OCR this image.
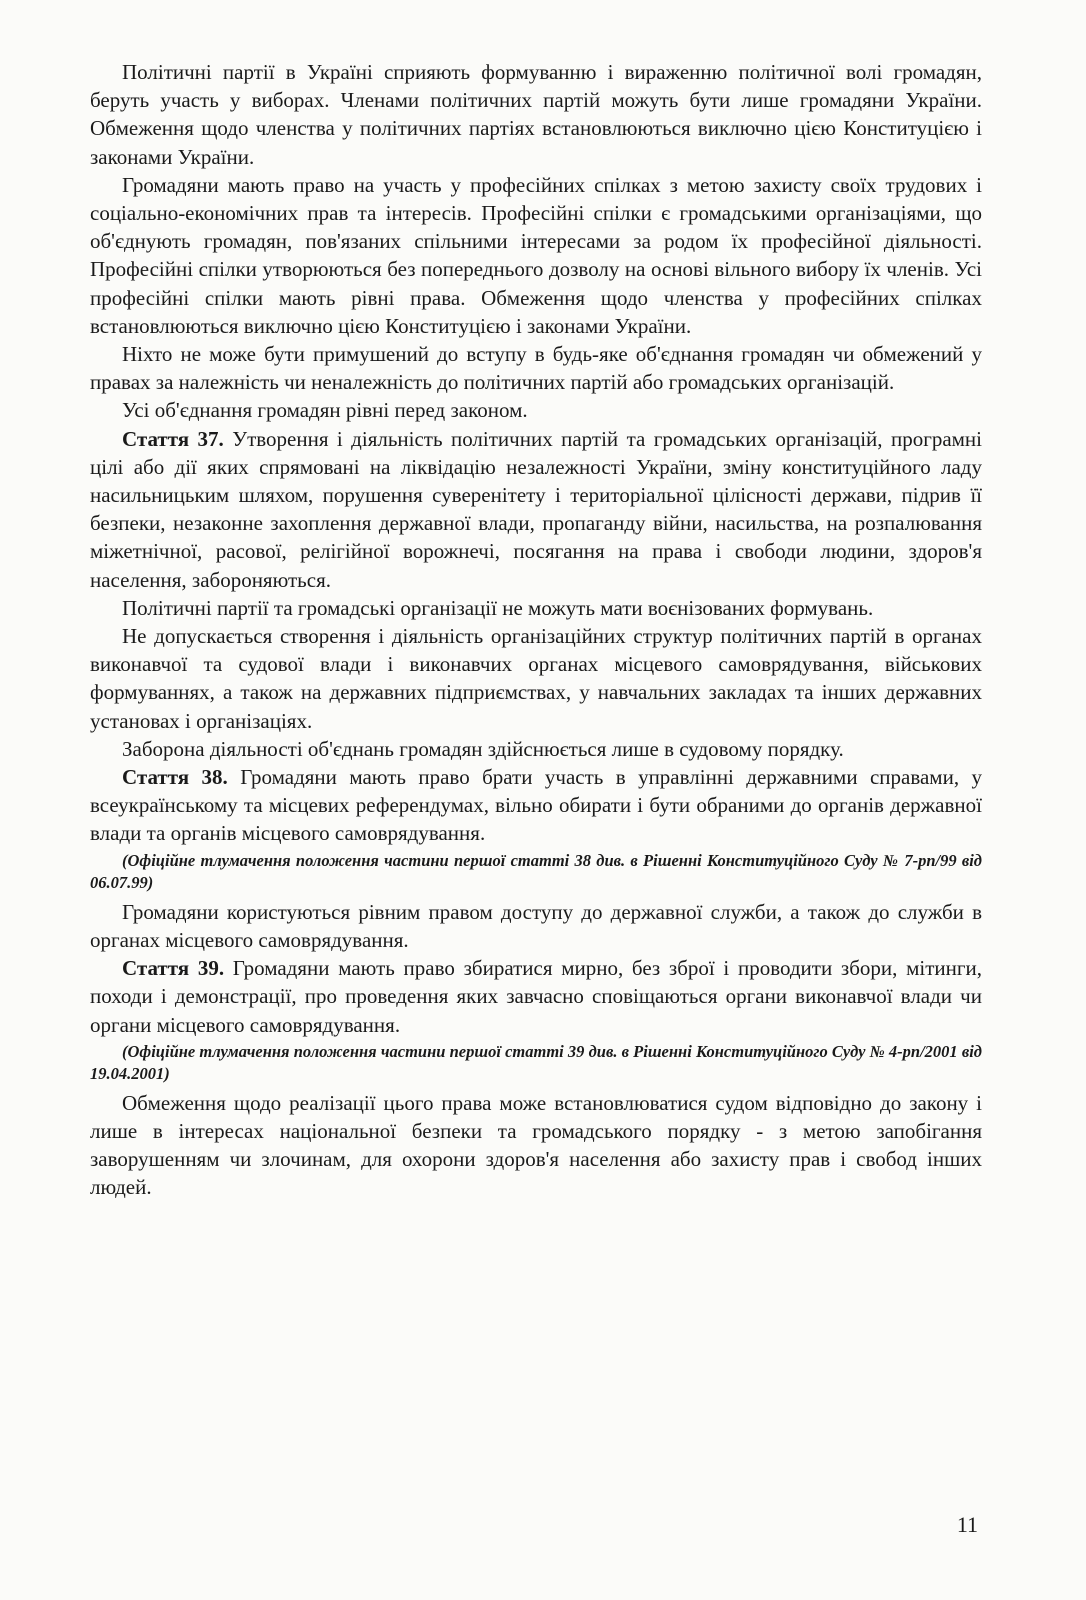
Політичні партії в Україні сприяють формуванню і вираженню політичної волі громадян, беруть участь у виборах. Членами політичних партій можуть бути лише громадяни України. Обмеження щодо членства у політичних партіях встановлюються виключно цією Конституцією і законами України.

Громадяни мають право на участь у професійних спілках з метою захисту своїх трудових і соціально-економічних прав та інтересів. Професійні спілки є громадськими організаціями, що об'єднують громадян, пов'язаних спільними інтересами за родом їх професійної діяльності. Професійні спілки утворюються без попереднього дозволу на основі вільного вибору їх членів. Усі професійні спілки мають рівні права. Обмеження щодо членства у професійних спілках встановлюються виключно цією Конституцією і законами України.

Ніхто не може бути примушений до вступу в будь-яке об'єднання громадян чи обмежений у правах за належність чи неналежність до політичних партій або громадських організацій.

Усі об'єднання громадян рівні перед законом.

Стаття 37. Утворення і діяльність політичних партій та громадських організацій, програмні цілі або дії яких спрямовані на ліквідацію незалежності України, зміну конституційного ладу насильницьким шляхом, порушення суверенітету і територіальної цілісності держави, підрив її безпеки, незаконне захоплення державної влади, пропаганду війни, насильства, на розпалювання міжетнічної, расової, релігійної ворожнечі, посягання на права і свободи людини, здоров'я населення, забороняються.

Політичні партії та громадські організації не можуть мати воєнізованих формувань.

Не допускається створення і діяльність організаційних структур політичних партій в органах виконавчої та судової влади і виконавчих органах місцевого самоврядування, військових формуваннях, а також на державних підприємствах, у навчальних закладах та інших державних установах і організаціях.

Заборона діяльності об'єднань громадян здійснюється лише в судовому порядку.

Стаття 38. Громадяни мають право брати участь в управлінні державними справами, у всеукраїнському та місцевих референдумах, вільно обирати і бути обраними до органів державної влади та органів місцевого самоврядування.

(Офіційне тлумачення положення частини першої статті 38 див. в Рішенні Конституційного Суду № 7-рп/99 від 06.07.99)

Громадяни користуються рівним правом доступу до державної служби, а також до служби в органах місцевого самоврядування.

Стаття 39. Громадяни мають право збиратися мирно, без зброї і проводити збори, мітинги, походи і демонстрації, про проведення яких завчасно сповіщаються органи виконавчої влади чи органи місцевого самоврядування.

(Офіційне тлумачення положення частини першої статті 39 див. в Рішенні Конституційного Суду № 4-рп/2001 від 19.04.2001)

Обмеження щодо реалізації цього права може встановлюватися судом відповідно до закону і лише в інтересах національної безпеки та громадського порядку - з метою запобігання заворушенням чи злочинам, для охорони здоров'я населення або захисту прав і свобод інших людей.

11
